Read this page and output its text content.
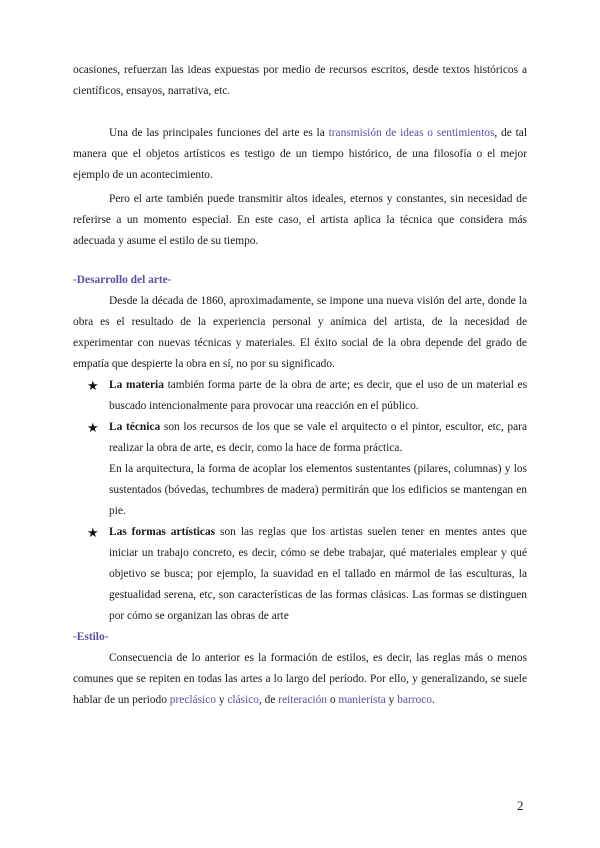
ocasiones, refuerzan las ideas expuestas por medio de recursos escritos, desde textos históricos a científicos, ensayos, narrativa, etc.

Una de las principales funciones del arte es la transmisión de ideas o sentimientos, de tal manera que el objetos artísticos es testigo de un tiempo histórico, de una filosofía o el mejor ejemplo de un acontecimiento.

Pero el arte también puede transmitir altos ideales, eternos y constantes, sin necesidad de referirse a un momento especial. En este caso, el artista aplica la técnica que considera más adecuada y asume el estilo de su tiempo.

-Desarrollo del arte-

Desde la década de 1860, aproximadamente, se impone una nueva visión del arte, donde la obra es el resultado de la experiencia personal y anímica del artista, de la necesidad de experimentar con nuevas técnicas y materiales. El éxito social de la obra depende del grado de empatía que despierte la obra en sí, no por su significado.

★ La materia también forma parte de la obra de arte; es decir, que el uso de un material es buscado intencionalmente para provocar una reacción en el público.
★ La técnica son los recursos de los que se vale el arquitecto o el pintor, escultor, etc, para realizar la obra de arte, es decir, como la hace de forma práctica.

En la arquitectura, la forma de acoplar los elementos sustentantes (pilares, columnas) y los sustentados (bóvedas, techumbres de madera) permitirán que los edificios se mantengan en pie.

★ Las formas artísticas son las reglas que los artistas suelen tener en mentes antes que iniciar un trabajo concreto, es decir, cómo se debe trabajar, qué materiales emplear y qué objetivo se busca; por ejemplo, la suavidad en el tallado en mármol de las esculturas, la gestualidad serena, etc, son características de las formas clásicas. Las formas se distinguen por cómo se organizan las obras de arte

-Estilo-

Consecuencia de lo anterior es la formación de estilos, es decir, las reglas más o menos comunes que se repiten en todas las artes a lo largo del período. Por ello, y generalizando, se suele hablar de un periodo preclásico y clásico, de reiteración o manierista y barroco.

2
